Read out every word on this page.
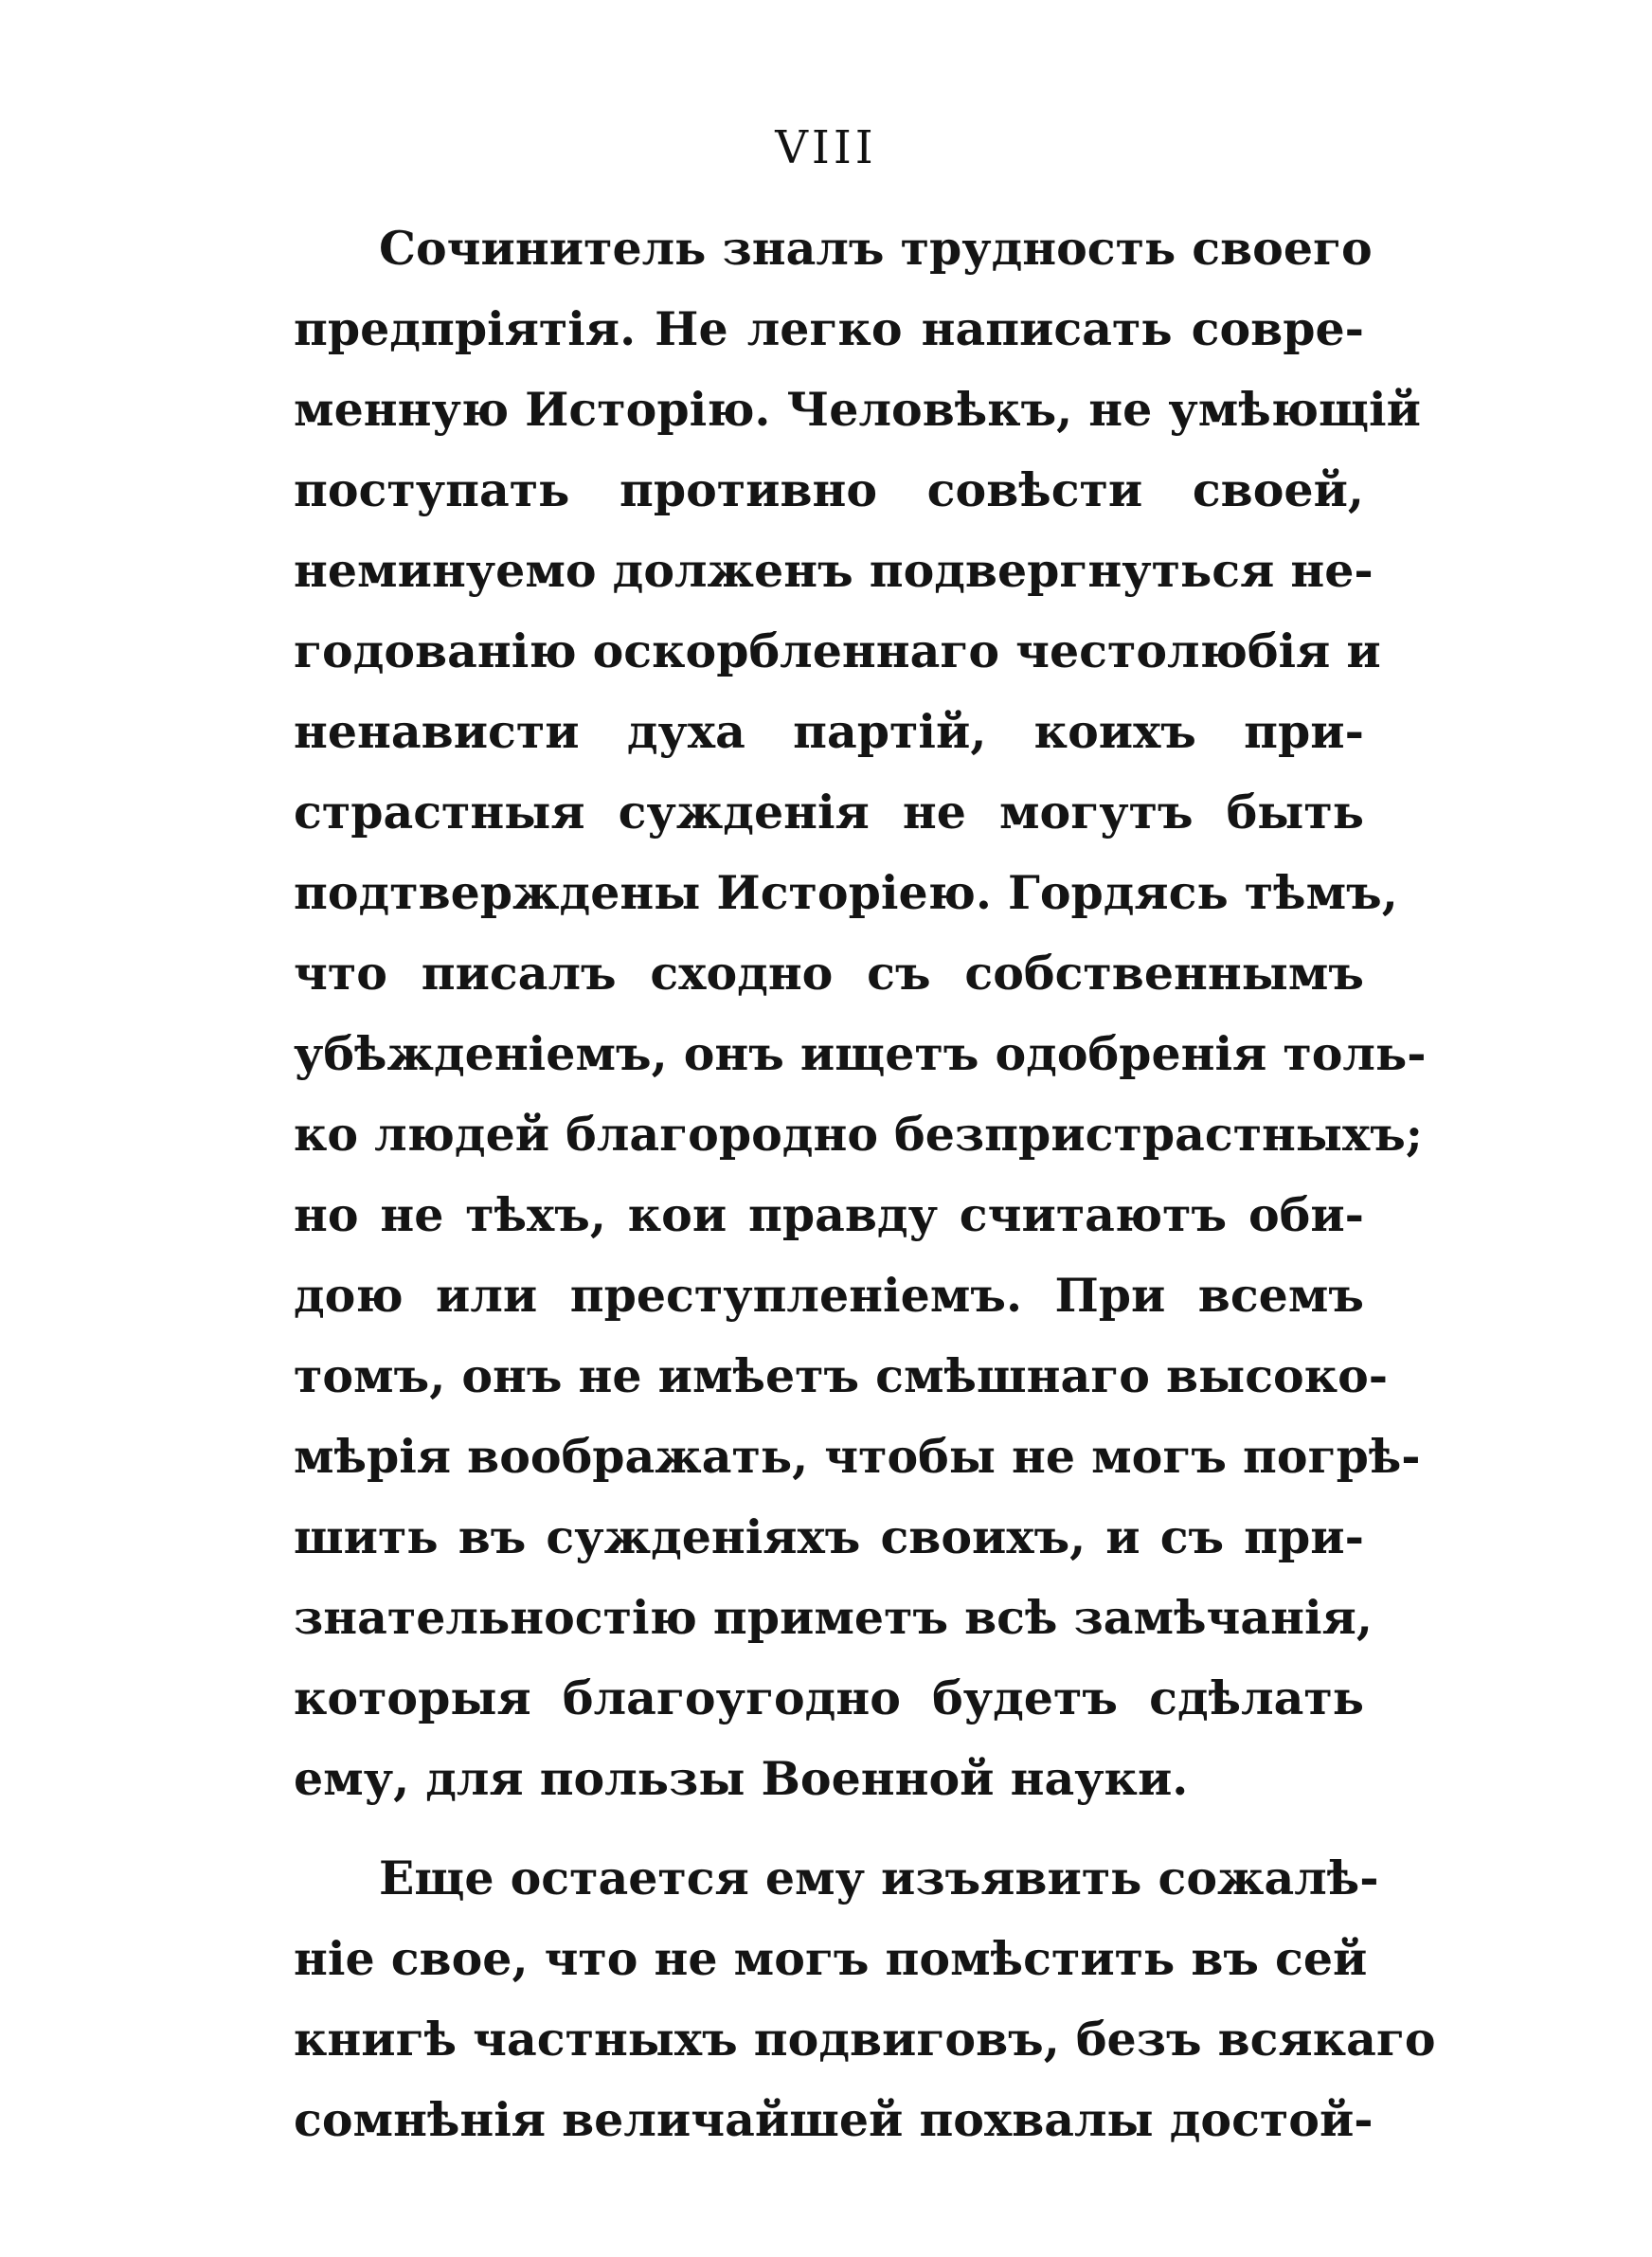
VIII
Сочинитель зналъ трудность своего
предпріятія. Не легко написать совре-
менную Исторію. Человѣкъ, не умѣющій
поступать противно совѣсти своей,
неминуемо долженъ подвергнуться не-
годованію оскорбленнаго честолюбія и
ненависти духа партій, коихъ при-
страстныя сужденія не могутъ быть
подтверждены Исторіею. Гордясь тѣмъ,
что писалъ сходно съ собственнымъ
убѣжденіемъ, онъ ищетъ одобренія толь-
ко людей благородно безпристрастныхъ;
но не тѣхъ, кои правду считаютъ оби-
дою или преступленіемъ. При всемъ
томъ, онъ не имѣетъ смѣшнаго высоко-
мѣрія воображать, чтобы не могъ погрѣ-
шить въ сужденіяхъ своихъ, и съ при-
знательностію приметъ всѣ замѣчанія,
которыя благоугодно будетъ сдѣлать
ему, для пользы Военной науки.
Еще остается ему изъявить сожалѣ-
ніе свое, что не могъ помѣстить въ сей
книгѣ частныхъ подвиговъ, безъ всякаго
сомнѣнія величайшей похвалы достой-
